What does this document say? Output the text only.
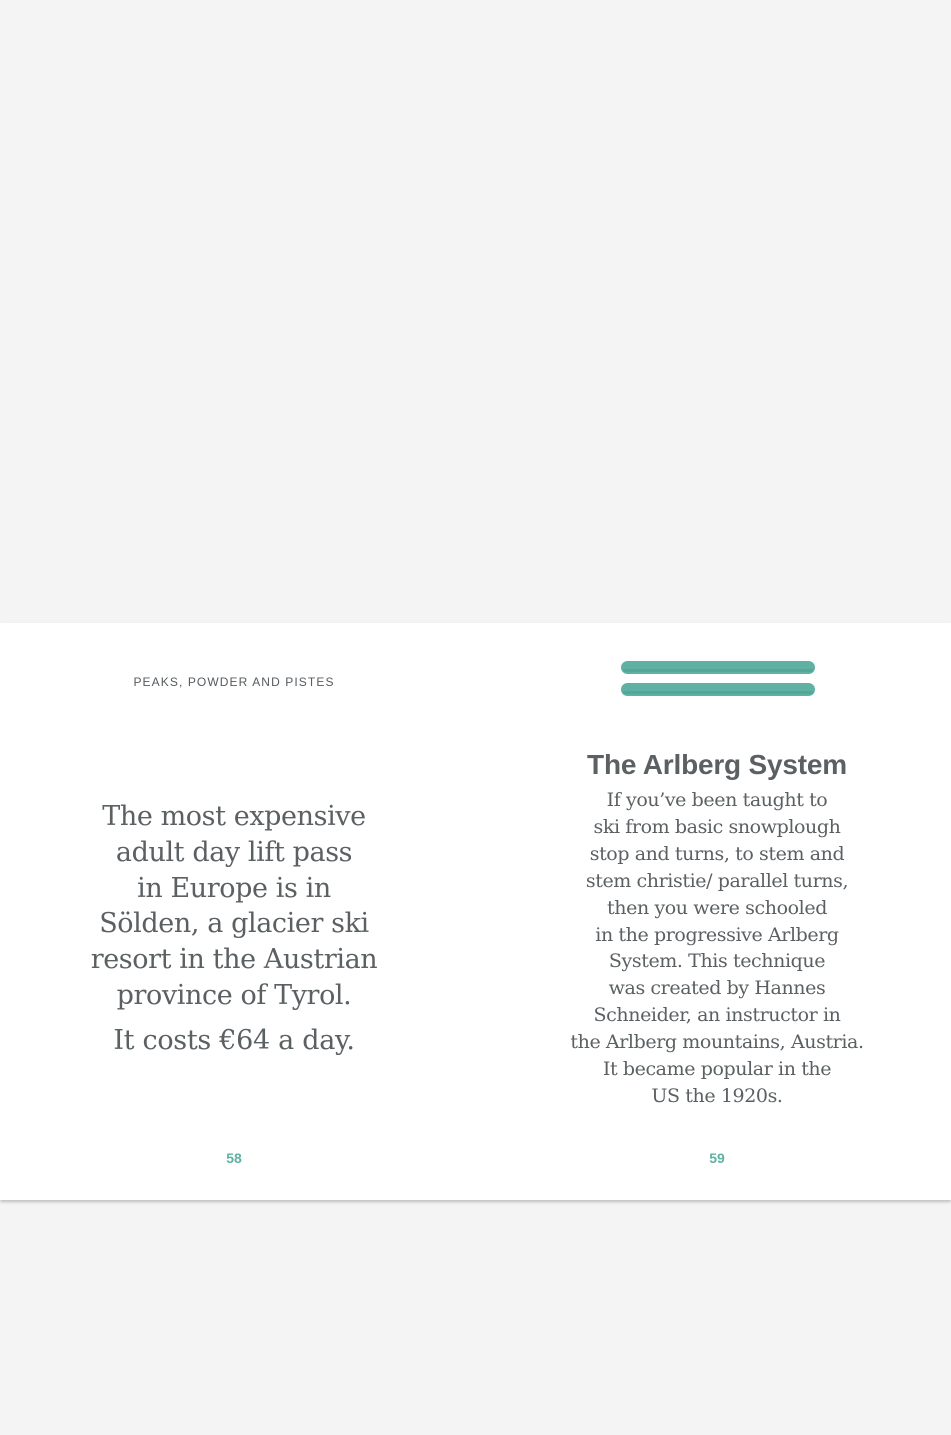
PEAKS, POWDER AND PISTES
The most expensive
adult day lift pass
in Europe is in
Sölden, a glacier ski
resort in the Austrian
province of Tyrol.
It costs €64 a day.
58
The Arlberg System
If you’ve been taught to
ski from basic snowplough
stop and turns, to stem and
stem christie/ parallel turns,
then you were schooled
in the progressive Arlberg
System. This technique
was created by Hannes
Schneider, an instructor in
the Arlberg mountains, Austria.
It became popular in the
US the 1920s.
59
